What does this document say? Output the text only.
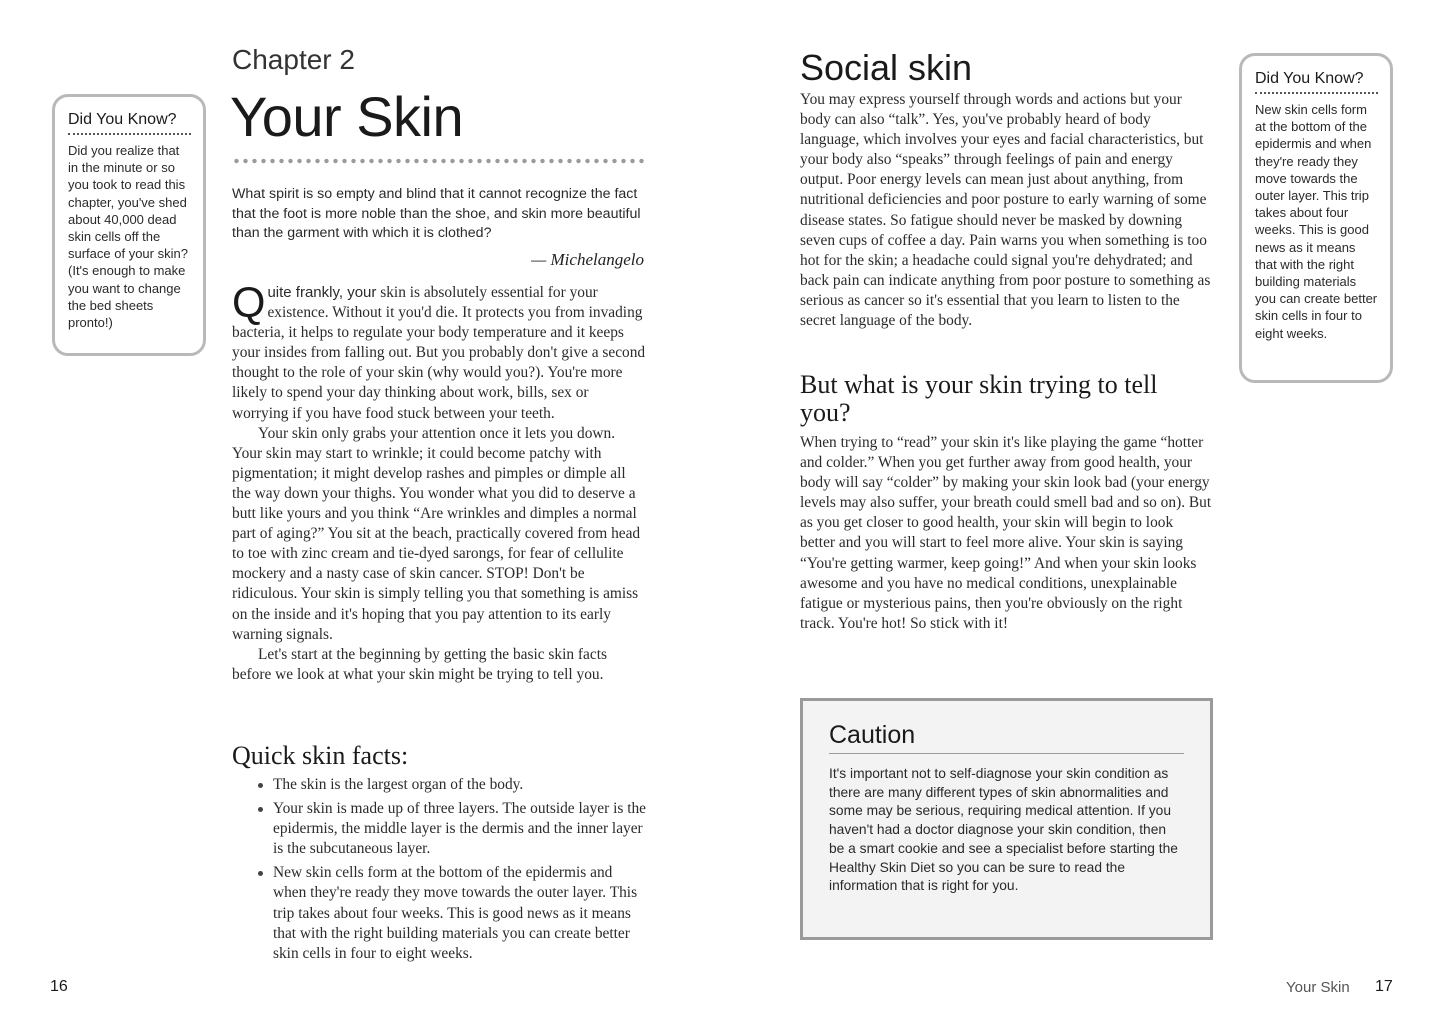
Did You Know?
Did you realize that in the minute or so you took to read this chapter, you've shed about 40,000 dead skin cells off the surface of your skin? (It's enough to make you want to change the bed sheets pronto!)
Chapter 2
Your Skin
What spirit is so empty and blind that it cannot recognize the fact that the foot is more noble than the shoe, and skin more beautiful than the garment with which it is clothed?
— Michelangelo

Quite frankly, your skin is absolutely essential for your existence. Without it you'd die. It protects you from invading bacteria, it helps to regulate your body temperature and it keeps your insides from falling out. But you probably don't give a second thought to the role of your skin (why would you?). You're more likely to spend your day thinking about work, bills, sex or worrying if you have food stuck between your teeth.

Your skin only grabs your attention once it lets you down. Your skin may start to wrinkle; it could become patchy with pigmentation; it might develop rashes and pimples or dimple all the way down your thighs. You wonder what you did to deserve a butt like yours and you think “Are wrinkles and dimples a normal part of aging?” You sit at the beach, practically covered from head to toe with zinc cream and tie-dyed sarongs, for fear of cellulite mockery and a nasty case of skin cancer. STOP! Don't be ridiculous. Your skin is simply telling you that something is amiss on the inside and it's hoping that you pay attention to its early warning signals.

Let's start at the beginning by getting the basic skin facts before we look at what your skin might be trying to tell you.

Quick skin facts:
The skin is the largest organ of the body.
Your skin is made up of three layers. The outside layer is the epidermis, the middle layer is the dermis and the inner layer is the subcutaneous layer.
New skin cells form at the bottom of the epidermis and when they're ready they move towards the outer layer. This trip takes about four weeks. This is good news as it means that with the right building materials you can create better skin cells in four to eight weeks.
16
Social skin
You may express yourself through words and actions but your body can also “talk”. Yes, you've probably heard of body language, which involves your eyes and facial characteristics, but your body also “speaks” through feelings of pain and energy output. Poor energy levels can mean just about anything, from nutritional deficiencies and poor posture to early warning of some disease states. So fatigue should never be masked by downing seven cups of coffee a day. Pain warns you when something is too hot for the skin; a headache could signal you're dehydrated; and back pain can indicate anything from poor posture to something as serious as cancer so it's essential that you learn to listen to the secret language of the body.
But what is your skin trying to tell you?
When trying to “read” your skin it's like playing the game “hotter and colder.” When you get further away from good health, your body will say “colder” by making your skin look bad (your energy levels may also suffer, your breath could smell bad and so on). But as you get closer to good health, your skin will begin to look better and you will start to feel more alive. Your skin is saying “You're getting warmer, keep going!” And when your skin looks awesome and you have no medical conditions, unexplainable fatigue or mysterious pains, then you're obviously on the right track. You're hot! So stick with it!
Caution
It's important not to self-diagnose your skin condition as there are many different types of skin abnormalities and some may be serious, requiring medical attention. If you haven't had a doctor diagnose your skin condition, then be a smart cookie and see a specialist before starting the Healthy Skin Diet so you can be sure to read the information that is right for you.
Did You Know?
New skin cells form at the bottom of the epidermis and when they're ready they move towards the outer layer. This trip takes about four weeks. This is good news as it means that with the right building materials you can create better skin cells in four to eight weeks.
Your Skin 17
